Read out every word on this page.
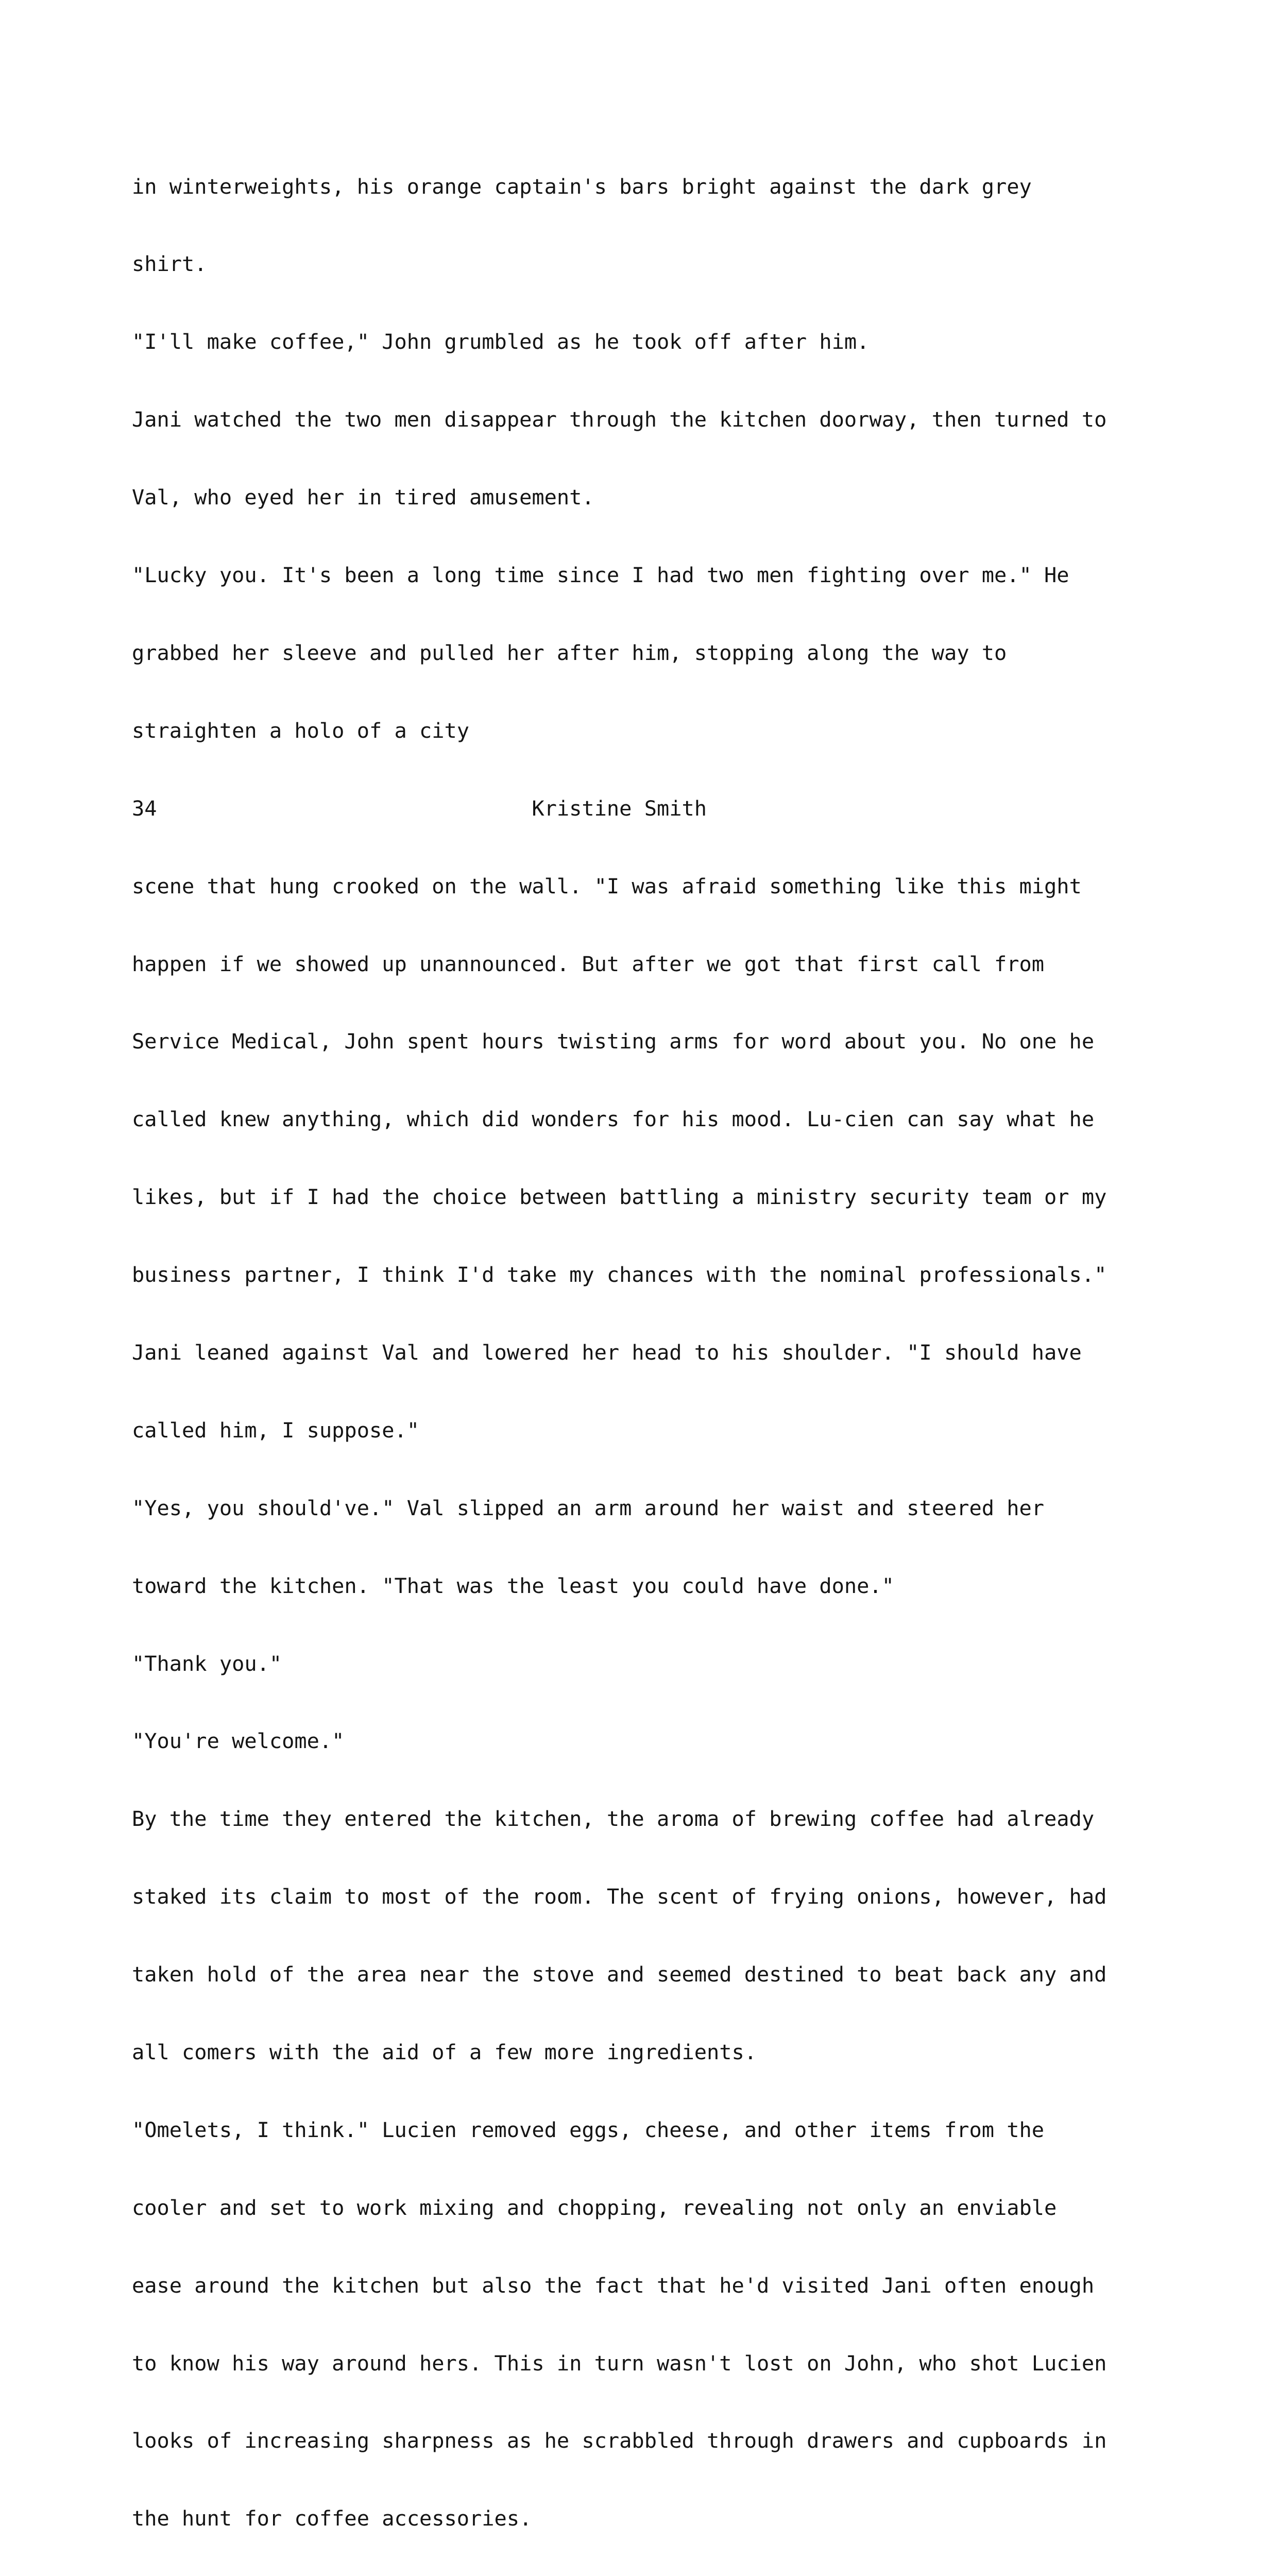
in winterweights, his orange captain's bars bright against the dark grey

shirt.

"I'll make coffee," John grumbled as he took off after him.

Jani watched the two men disappear through the kitchen doorway, then turned to

Val, who eyed her in tired amusement.

"Lucky you. It's been a long time since I had two men fighting over me." He

grabbed her sleeve and pulled her after him, stopping along the way to

straighten a holo of a city

34                              Kristine Smith

scene that hung crooked on the wall. "I was afraid something like this might

happen if we showed up unannounced. But after we got that first call from

Service Medical, John spent hours twisting arms for word about you. No one he

called knew anything, which did wonders for his mood. Lu-cien can say what he

likes, but if I had the choice between battling a ministry security team or my

business partner, I think I'd take my chances with the nominal professionals."

Jani leaned against Val and lowered her head to his shoulder. "I should have

called him, I suppose."

"Yes, you should've." Val slipped an arm around her waist and steered her

toward the kitchen. "That was the least you could have done."

"Thank you."

"You're welcome."

By the time they entered the kitchen, the aroma of brewing coffee had already

staked its claim to most of the room. The scent of frying onions, however, had

taken hold of the area near the stove and seemed destined to beat back any and

all comers with the aid of a few more ingredients.

"Omelets, I think." Lucien removed eggs, cheese, and other items from the

cooler and set to work mixing and chopping, revealing not only an enviable

ease around the kitchen but also the fact that he'd visited Jani often enough

to know his way around hers. This in turn wasn't lost on John, who shot Lucien

looks of increasing sharpness as he scrabbled through drawers and cupboards in

the hunt for coffee accessories.
